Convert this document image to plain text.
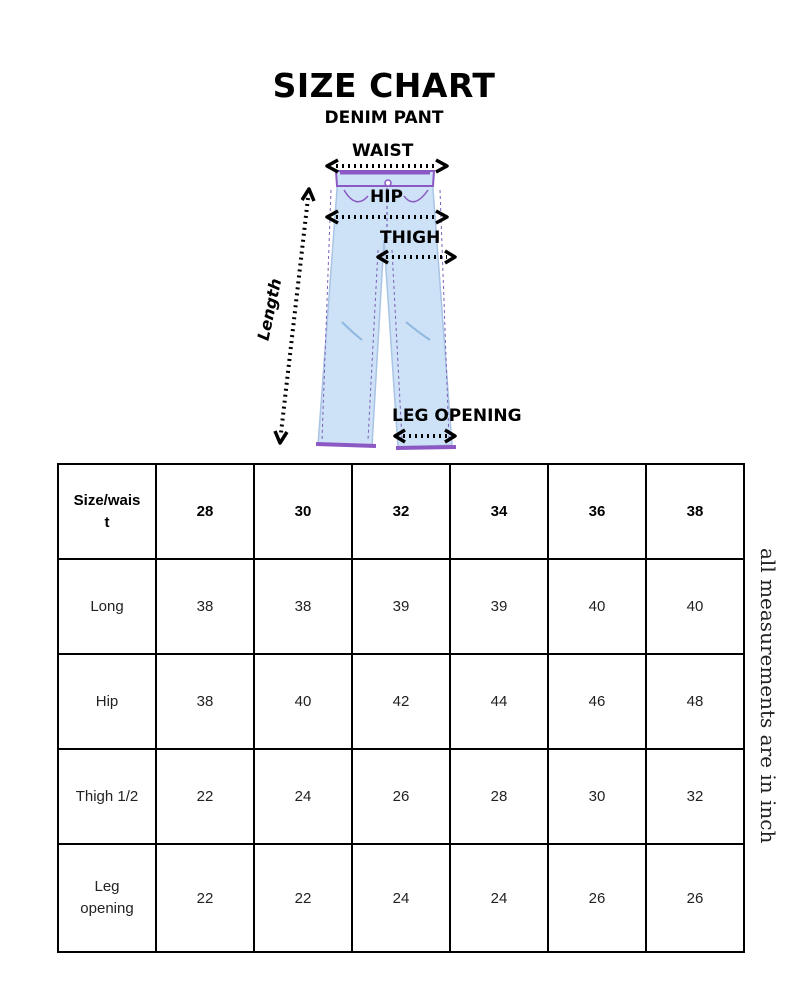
SIZE CHART
DENIM PANT
WAIST
HIP
THIGH
Length
LEG OPENING
Size/waist	28	30	32	34	36	38
Long	38	38	39	39	40	40
Hip	38	40	42	44	46	48
Thigh 1/2	22	24	26	28	30	32
Leg opening	22	22	24	24	26	26
all measurements are in inch
